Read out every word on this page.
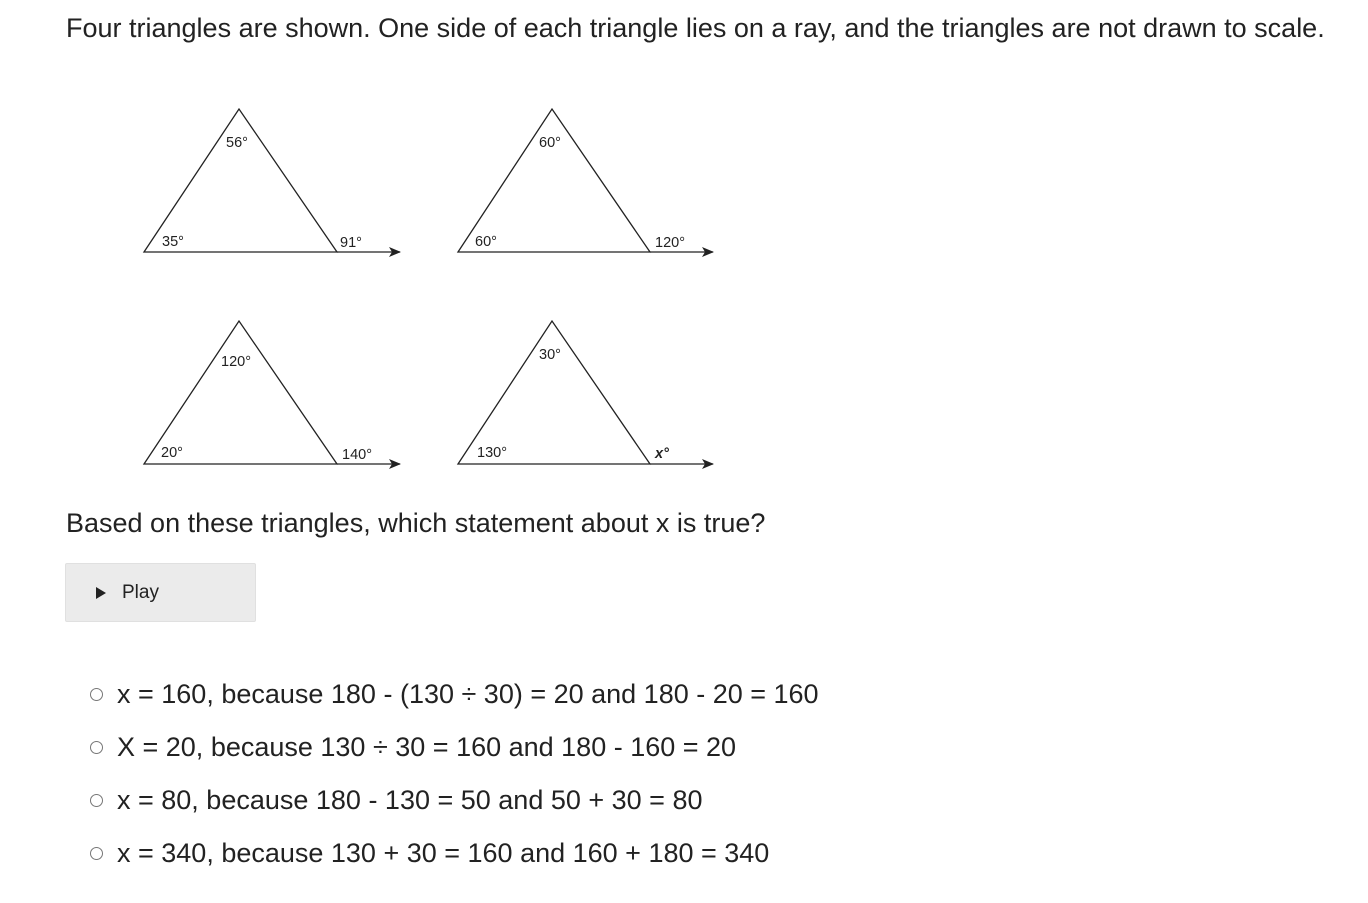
Four triangles are shown. One side of each triangle lies on a ray, and the triangles are not drawn to scale.

56°
35°	91°
60°
60°	120°
120°
20°	140°
30°
130°	x°

Based on these triangles, which statement about x is true?

Play
x = 160, because 180 - (130 ÷ 30) = 20 and 180 - 20 = 160
X = 20, because 130 ÷ 30 = 160 and 180 - 160 = 20
x = 80, because 180 - 130 = 50 and 50 + 30 = 80
x = 340, because 130 + 30 = 160 and 160 + 180 = 340
